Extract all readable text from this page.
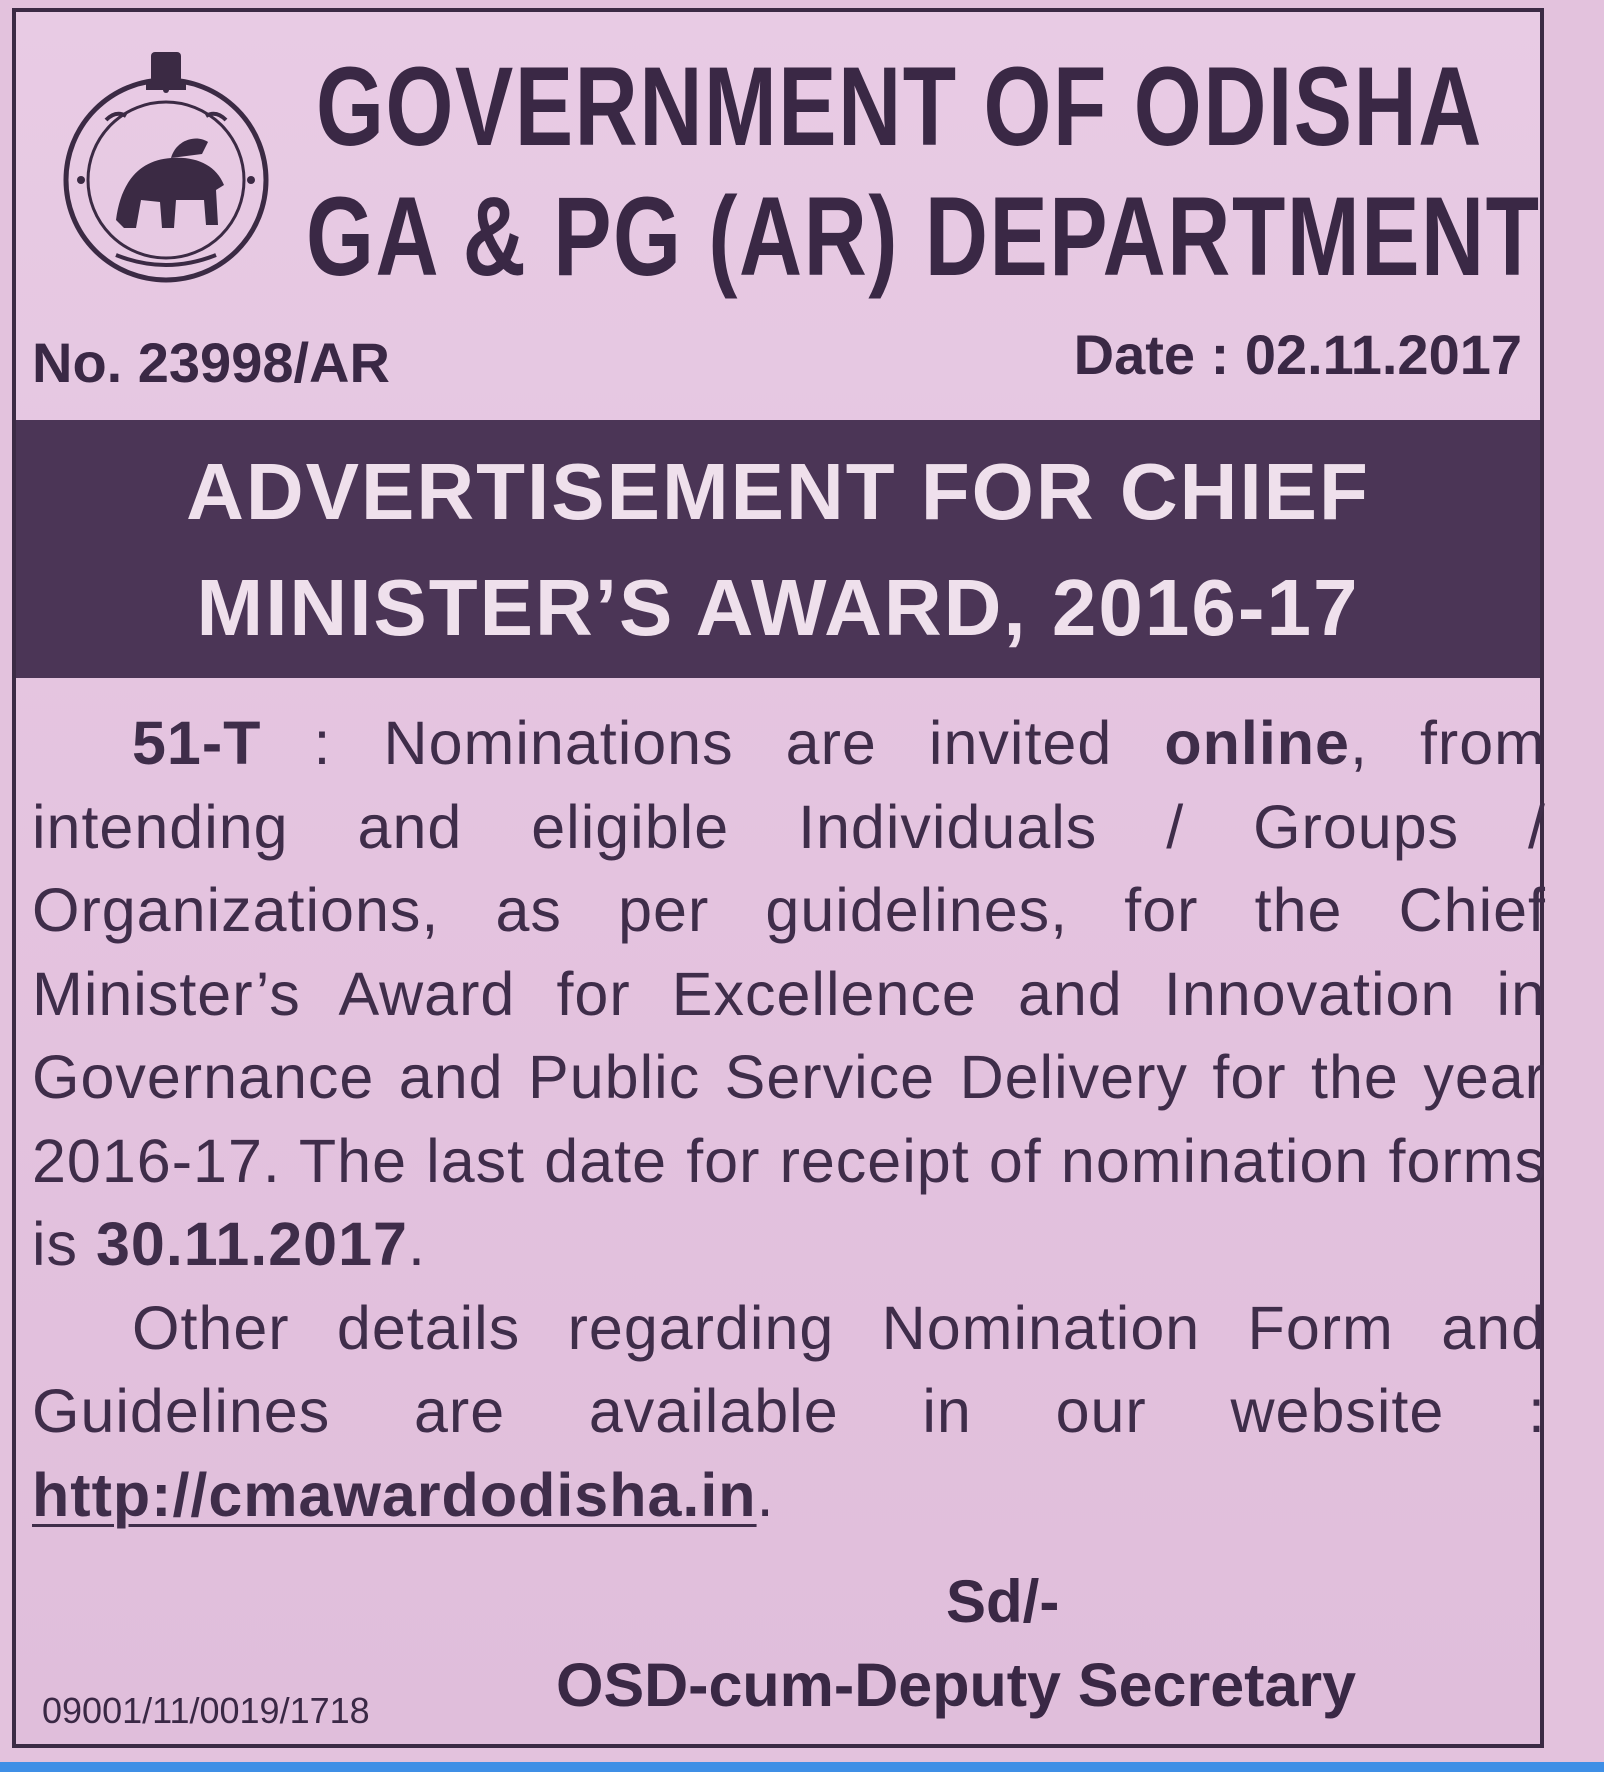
GOVERNMENT OF ODISHA
GA & PG (AR) DEPARTMENT
No. 23998/AR	Date : 02.11.2017
ADVERTISEMENT FOR CHIEF
MINISTER’S AWARD, 2016-17

51-T : Nominations are invited online, from intending and eligible Individuals / Groups / Organizations, as per guidelines, for the Chief Minister’s Award for Excellence and Innovation in Governance and Public Service Delivery for the year 2016-17. The last date for receipt of nomination forms is 30.11.2017.

Other details regarding Nomination Form and Guidelines are available in our website : http://cmawardodisha.in.

Sd/-
OSD-cum-Deputy Secretary
09001/11/0019/1718
